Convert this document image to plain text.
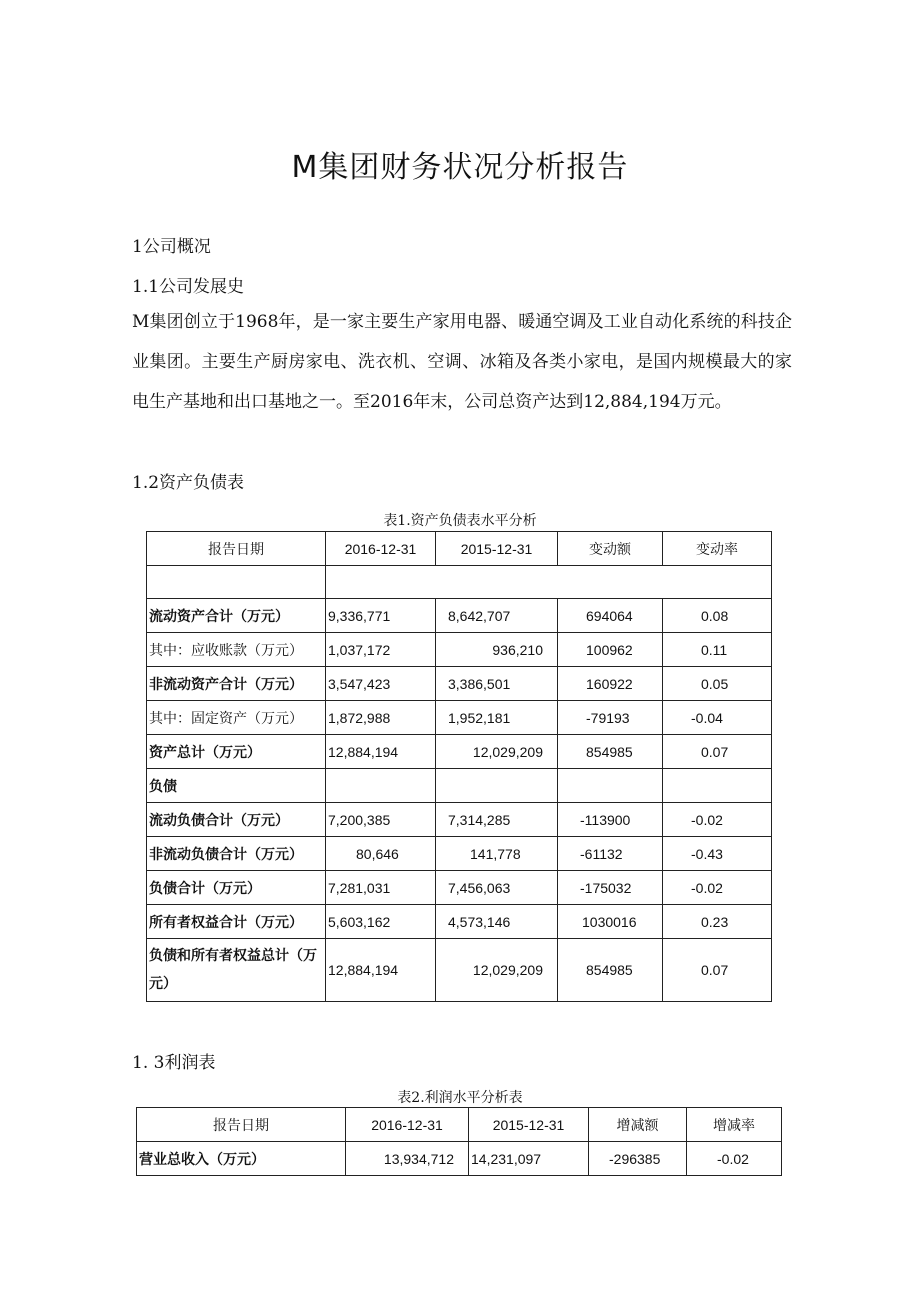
M集团财务状况分析报告
1公司概况
1.1公司发展史
M集团创立于1968年，是一家主要生产家用电器、暖通空调及工业自动化系统的科技企业集团。主要生产厨房家电、洗衣机、空调、冰箱及各类小家电，是国内规模最大的家电生产基地和出口基地之一。至2016年末，公司总资产达到12,884,194万元。
1.2资产负债表
表1.资产负债表水平分析
报告日期	2016-12-31	2015-12-31	变动额	变动率

流动资产合计（万元）	9,336,771	8,642,707	694064	0.08
其中：应收账款（万元）	1,037,172	936,210	100962	0.11
非流动资产合计（万元）	3,547,423	3,386,501	160922	0.05
其中：固定资产（万元）	1,872,988	1,952,181	-79193	-0.04
资产总计（万元）	12,884,194	12,029,209	854985	0.07
负债				
流动负债合计（万元）	7,200,385	7,314,285	-113900	-0.02
非流动负债合计（万元）	80,646	141,778	-61132	-0.43
负债合计（万元）	7,281,031	7,456,063	-175032	-0.02
所有者权益合计（万元）	5,603,162	4,573,146	1030016	0.23
负债和所有者权益总计（万元）	12,884,194	12,029,209	854985	0.07
1. 3利润表
表2.利润水平分析表
报告日期	2016-12-31	2015-12-31	增减额	增减率
营业总收入（万元）	13,934,712	14,231,097	-296385	-0.02
